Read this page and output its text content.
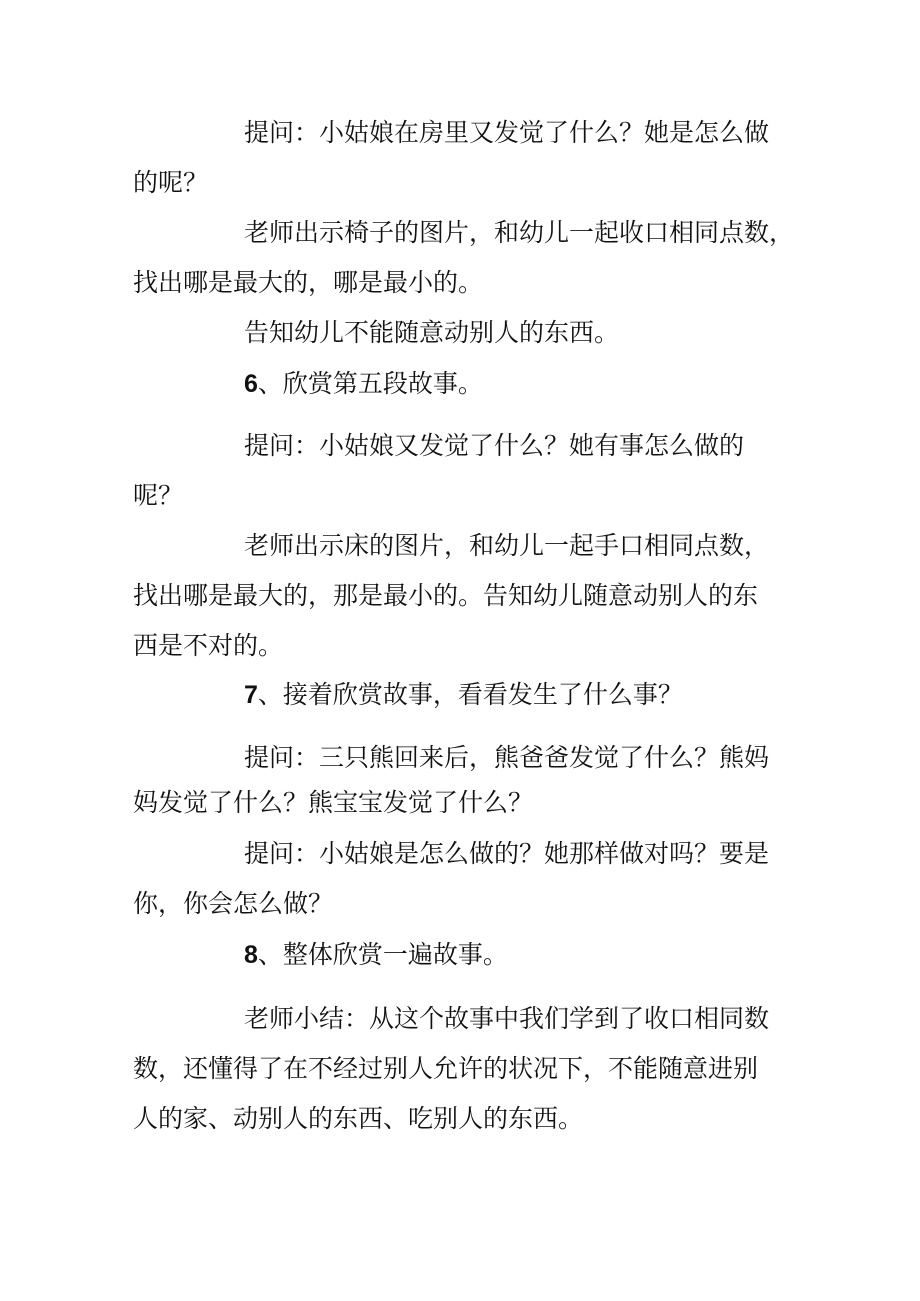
提问：小姑娘在房里又发觉了什么？她是怎么做
的呢？
老师出示椅子的图片，和幼儿一起收口相同点数，
找出哪是最大的，哪是最小的。
告知幼儿不能随意动别人的东西。
6、欣赏第五段故事。
提问：小姑娘又发觉了什么？她有事怎么做的
呢？
老师出示床的图片，和幼儿一起手口相同点数，
找出哪是最大的，那是最小的。告知幼儿随意动别人的东
西是不对的。
7、接着欣赏故事，看看发生了什么事？
提问：三只熊回来后，熊爸爸发觉了什么？熊妈
妈发觉了什么？熊宝宝发觉了什么？
提问：小姑娘是怎么做的？她那样做对吗？要是
你，你会怎么做？
8、整体欣赏一遍故事。
老师小结：从这个故事中我们学到了收口相同数
数，还懂得了在不经过别人允许的状况下，不能随意进别
人的家、动别人的东西、吃别人的东西。
